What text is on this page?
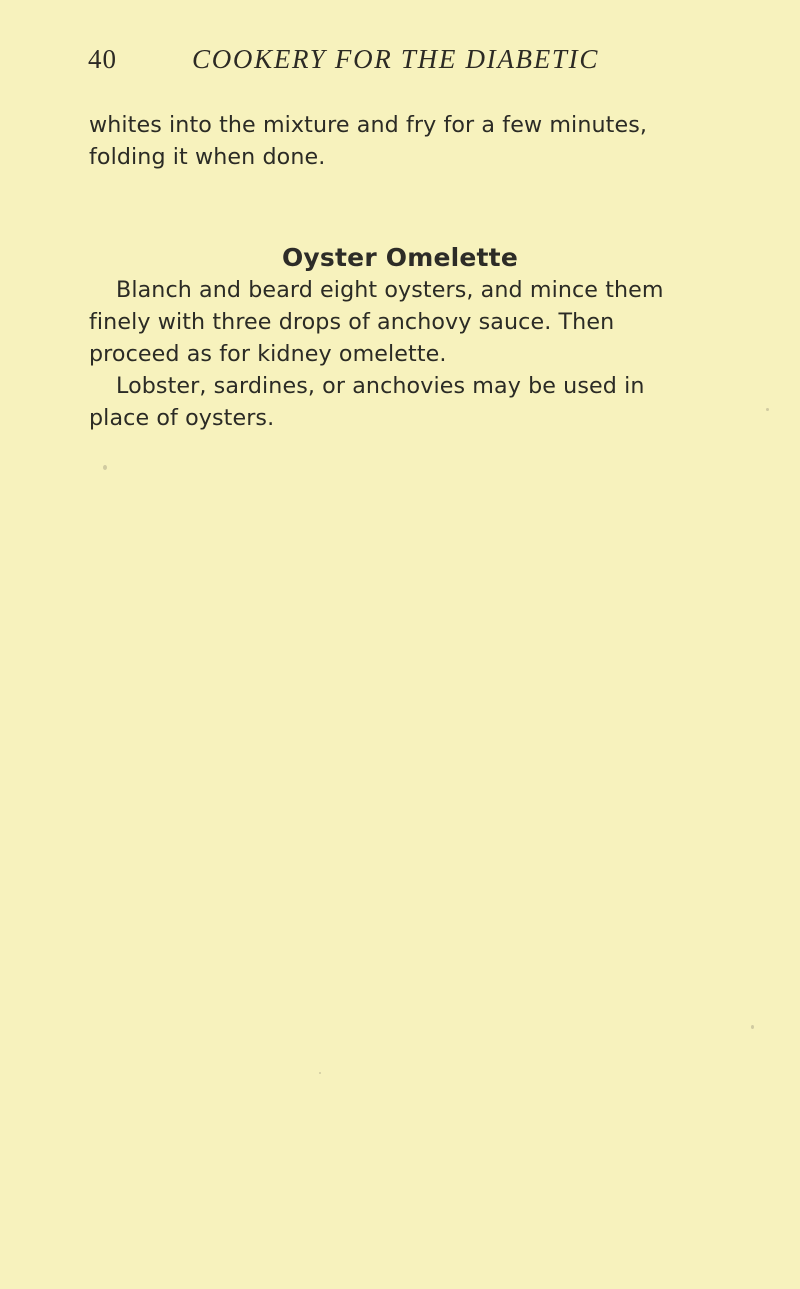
40	COOKERY FOR THE DIABETIC
whites into the mixture and fry for a few minutes,
folding it when done.
Oyster Omelette
Blanch and beard eight oysters, and mince them
finely with three drops of anchovy sauce. Then
proceed as for kidney omelette.
Lobster, sardines, or anchovies may be used in
place of oysters.
